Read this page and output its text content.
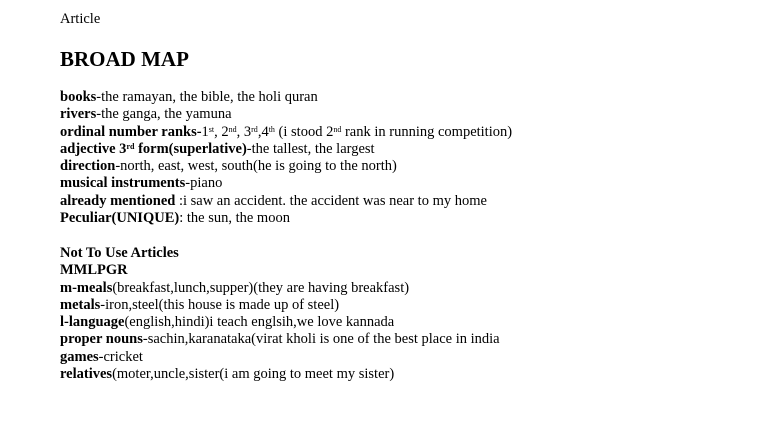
Article
BROAD MAP
books-the ramayan, the bible, the holi quran
rivers-the ganga, the yamuna
ordinal number ranks-1st, 2nd, 3rd,4th (i stood 2nd rank in running competition)
adjective 3rd form(superlative)-the tallest, the largest
direction-north, east, west, south(he is going to the north)
musical instruments-piano
already mentioned :i saw an accident. the accident was near to my home
Peculiar(UNIQUE): the sun, the moon
Not To Use Articles
MMLPGR
m-meals(breakfast,lunch,supper)(they are having breakfast)
metals-iron,steel(this house is made up of steel)
l-language(english,hindi)i teach englsih,we love kannada
proper nouns-sachin,karanataka(virat kholi is one of the best place in india
games-cricket
relatives(moter,uncle,sister(i am going to meet my sister)
